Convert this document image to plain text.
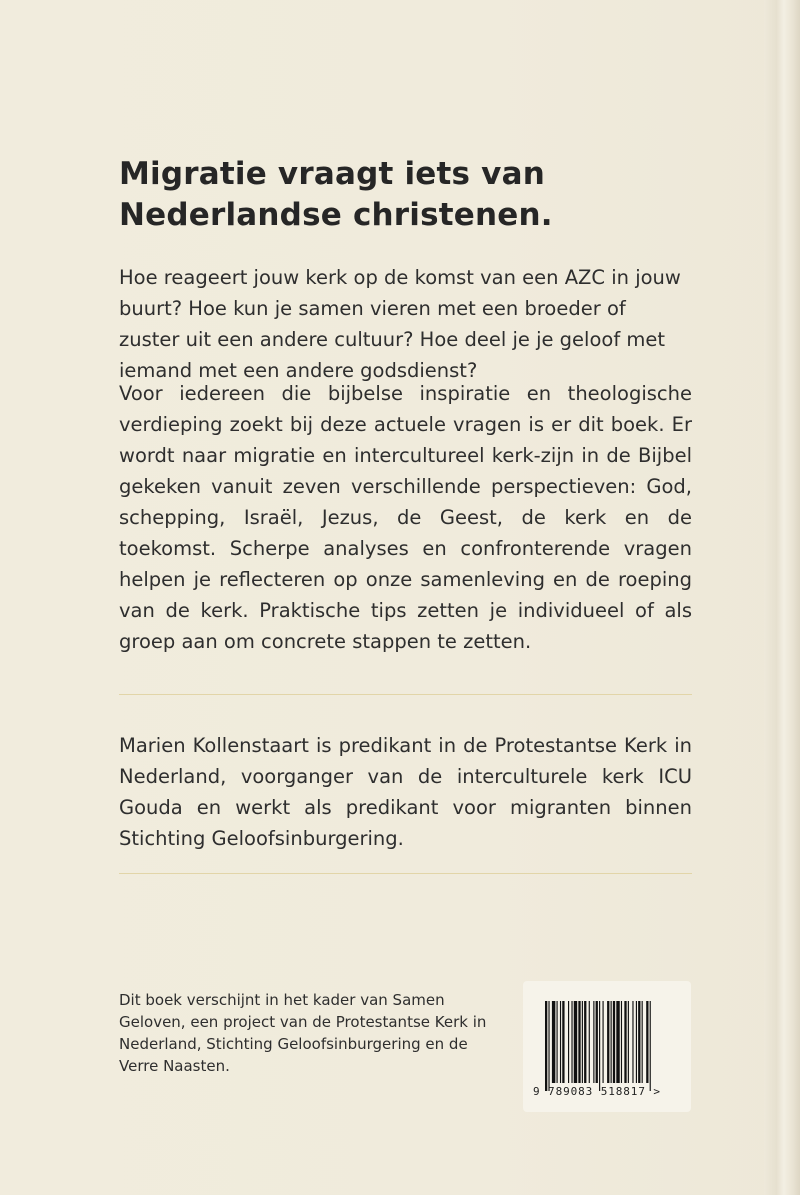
Migratie vraagt iets van Nederlandse christenen.

Hoe reageert jouw kerk op de komst van een AZC in jouw buurt? Hoe kun je samen vieren met een broeder of zuster uit een andere cultuur? Hoe deel je je geloof met iemand met een andere godsdienst?

Voor iedereen die bijbelse inspiratie en theologische verdieping zoekt bij deze actuele vragen is er dit boek. Er wordt naar migratie en intercultureel kerk-zijn in de Bijbel gekeken vanuit zeven verschillende perspectieven: God, schepping, Israël, Jezus, de Geest, de kerk en de toekomst. Scherpe analyses en confronterende vragen helpen je reflecteren op onze samenleving en de roeping van de kerk. Praktische tips zetten je individueel of als groep aan om concrete stappen te zetten.

Marien Kollenstaart is predikant in de Protestantse Kerk in Nederland, voorganger van de interculturele kerk ICU Gouda en werkt als predikant voor migranten binnen Stichting Geloofsinburgering.

Dit boek verschijnt in het kader van Samen Geloven, een project van de Protestantse Kerk in Nederland, Stichting Geloofsinburgering en de Verre Naasten.

9 789083 518817 >
